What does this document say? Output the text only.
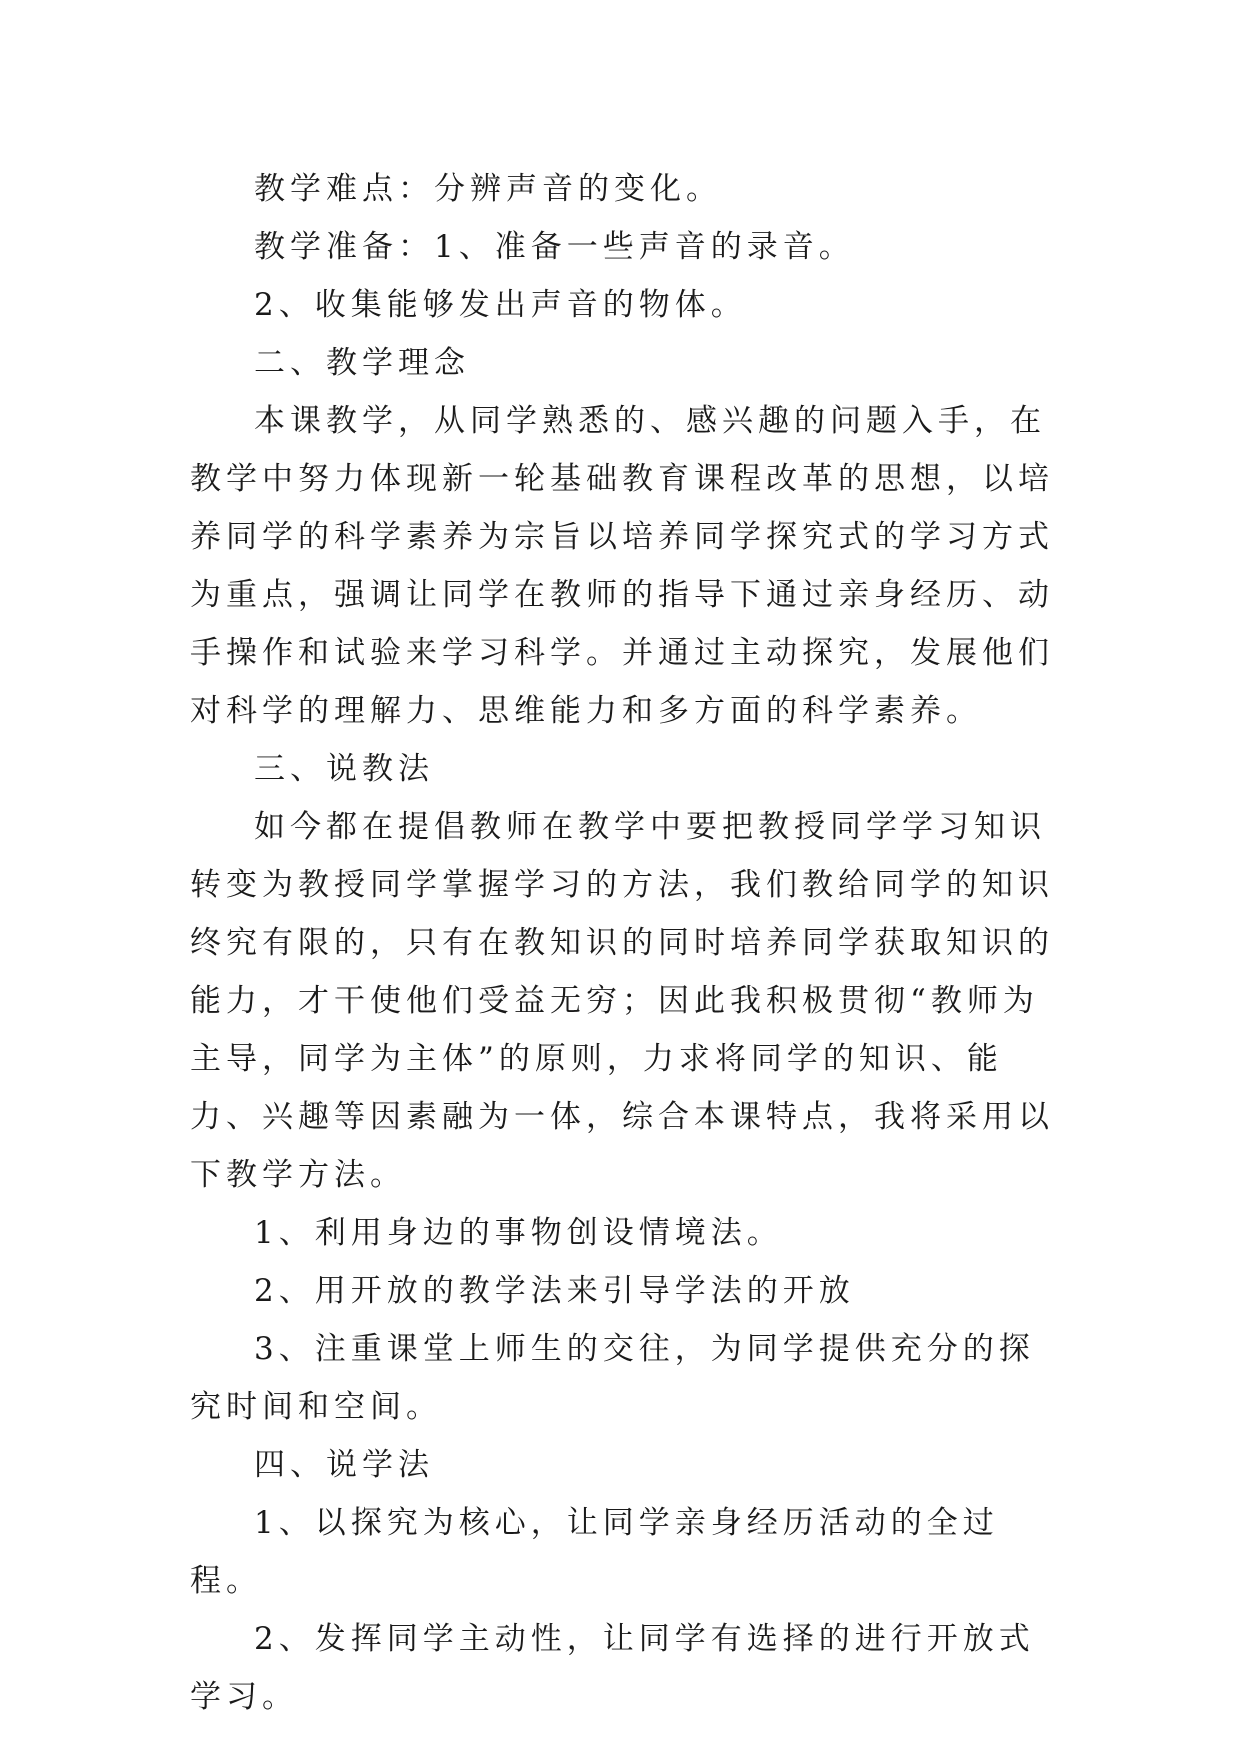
教学难点：分辨声音的变化。

教学准备：1、准备一些声音的录音。

2、收集能够发出声音的物体。

二、教学理念

本课教学，从同学熟悉的、感兴趣的问题入手，在教学中努力体现新一轮基础教育课程改革的思想，以培养同学的科学素养为宗旨以培养同学探究式的学习方式为重点，强调让同学在教师的指导下通过亲身经历、动手操作和试验来学习科学。并通过主动探究，发展他们对科学的理解力、思维能力和多方面的科学素养。

三、说教法

如今都在提倡教师在教学中要把教授同学学习知识转变为教授同学掌握学习的方法，我们教给同学的知识终究有限的，只有在教知识的同时培养同学获取知识的能力，才干使他们受益无穷；因此我积极贯彻“教师为主导，同学为主体”的原则，力求将同学的知识、能力、兴趣等因素融为一体，综合本课特点，我将采用以下教学方法。

1、利用身边的事物创设情境法。

2、用开放的教学法来引导学法的开放

3、注重课堂上师生的交往，为同学提供充分的探究时间和空间。

四、说学法

1、以探究为核心，让同学亲身经历活动的全过程。

2、发挥同学主动性，让同学有选择的进行开放式学习。
